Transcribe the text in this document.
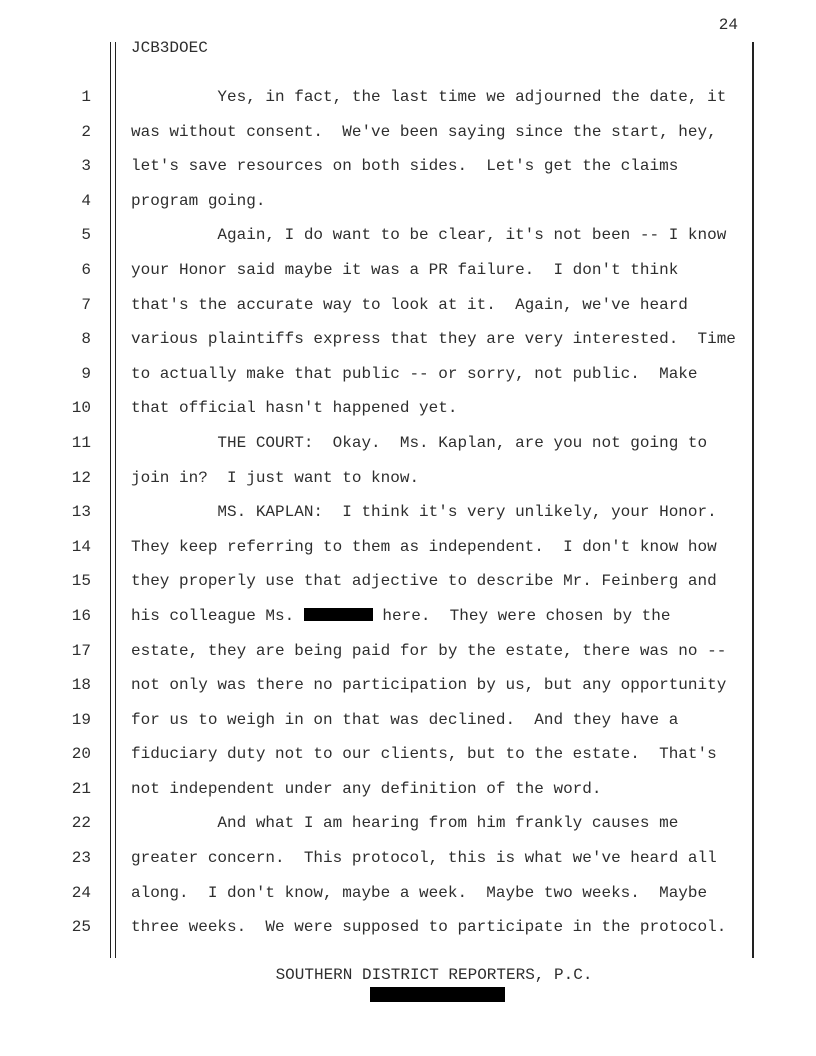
24
JCB3DOEC
1
2
3
4
5
6
7
8
9
10
11
12
13
14
15
16
17
18
19
20
21
22
23
24
25
Yes, in fact, the last time we adjourned the date, it
was without consent.  We've been saying since the start, hey,
let's save resources on both sides.  Let's get the claims
program going.
Again, I do want to be clear, it's not been -- I know
your Honor said maybe it was a PR failure.  I don't think
that's the accurate way to look at it.  Again, we've heard
various plaintiffs express that they are very interested.  Time
to actually make that public -- or sorry, not public.  Make
that official hasn't happened yet.
THE COURT:  Okay.  Ms. Kaplan, are you not going to
join in?  I just want to know.
MS. KAPLAN:  I think it's very unlikely, your Honor.
They keep referring to them as independent.  I don't know how
they properly use that adjective to describe Mr. Feinberg and
his colleague Ms.	here.  They were chosen by the
estate, they are being paid for by the estate, there was no --
not only was there no participation by us, but any opportunity
for us to weigh in on that was declined.  And they have a
fiduciary duty not to our clients, but to the estate.  That's
not independent under any definition of the word.
And what I am hearing from him frankly causes me
greater concern.  This protocol, this is what we've heard all
along.  I don't know, maybe a week.  Maybe two weeks.  Maybe
three weeks.  We were supposed to participate in the protocol.
SOUTHERN DISTRICT REPORTERS, P.C.
